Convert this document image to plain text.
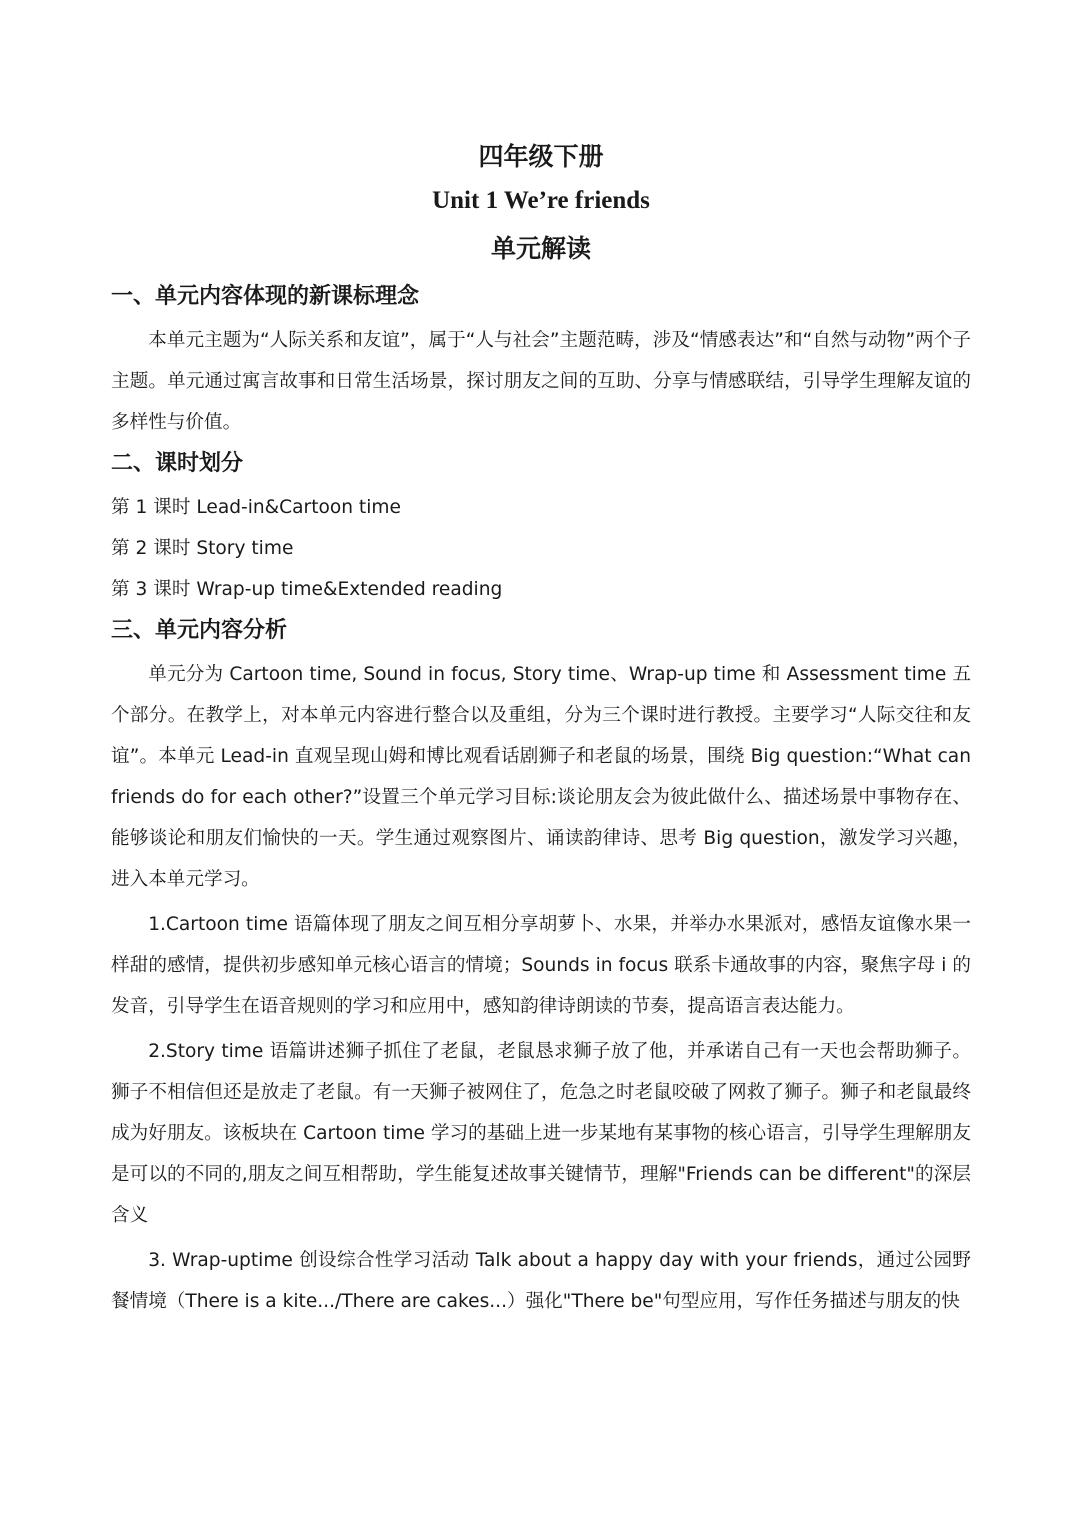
四年级下册
Unit 1 We’re friends
单元解读
一、单元内容体现的新课标理念

本单元主题为“人际关系和友谊”，属于“人与社会”主题范畴，涉及“情感表达”和“自然与动物”两个子主题。单元通过寓言故事和日常生活场景，探讨朋友之间的互助、分享与情感联结，引导学生理解友谊的多样性与价值。

二、课时划分
第 1 课时 Lead-in&Cartoon time
第 2 课时 Story time
第 3 课时 Wrap-up time&Extended reading
三、单元内容分析

单元分为 Cartoon time, Sound in focus, Story time、Wrap-up time 和 Assessment time 五个部分。在教学上，对本单元内容进行整合以及重组，分为三个课时进行教授。主要学习“人际交往和友谊”。本单元 Lead-in 直观呈现山姆和博比观看话剧狮子和老鼠的场景，围绕 Big question:“What can friends do for each other?”设置三个单元学习目标:谈论朋友会为彼此做什么、描述场景中事物存在、能够谈论和朋友们愉快的一天。学生通过观察图片、诵读韵律诗、思考 Big question，激发学习兴趣，进入本单元学习。

1.Cartoon time 语篇体现了朋友之间互相分享胡萝卜、水果，并举办水果派对，感悟友谊像水果一样甜的感情，提供初步感知单元核心语言的情境；Sounds in focus 联系卡通故事的内容，聚焦字母 i 的发音，引导学生在语音规则的学习和应用中，感知韵律诗朗读的节奏，提高语言表达能力。

2.Story time 语篇讲述狮子抓住了老鼠，老鼠恳求狮子放了他，并承诺自己有一天也会帮助狮子。狮子不相信但还是放走了老鼠。有一天狮子被网住了，危急之时老鼠咬破了网救了狮子。狮子和老鼠最终成为好朋友。该板块在 Cartoon time 学习的基础上进一步某地有某事物的核心语言，引导学生理解朋友是可以的不同的,朋友之间互相帮助，学生能复述故事关键情节，理解"Friends can be different"的深层含义

3. Wrap-uptime 创设综合性学习活动 Talk about a happy day with your friends，通过公园野餐情境（There is a kite.../There are cakes...）强化"There be"句型应用，写作任务描述与朋友的快
